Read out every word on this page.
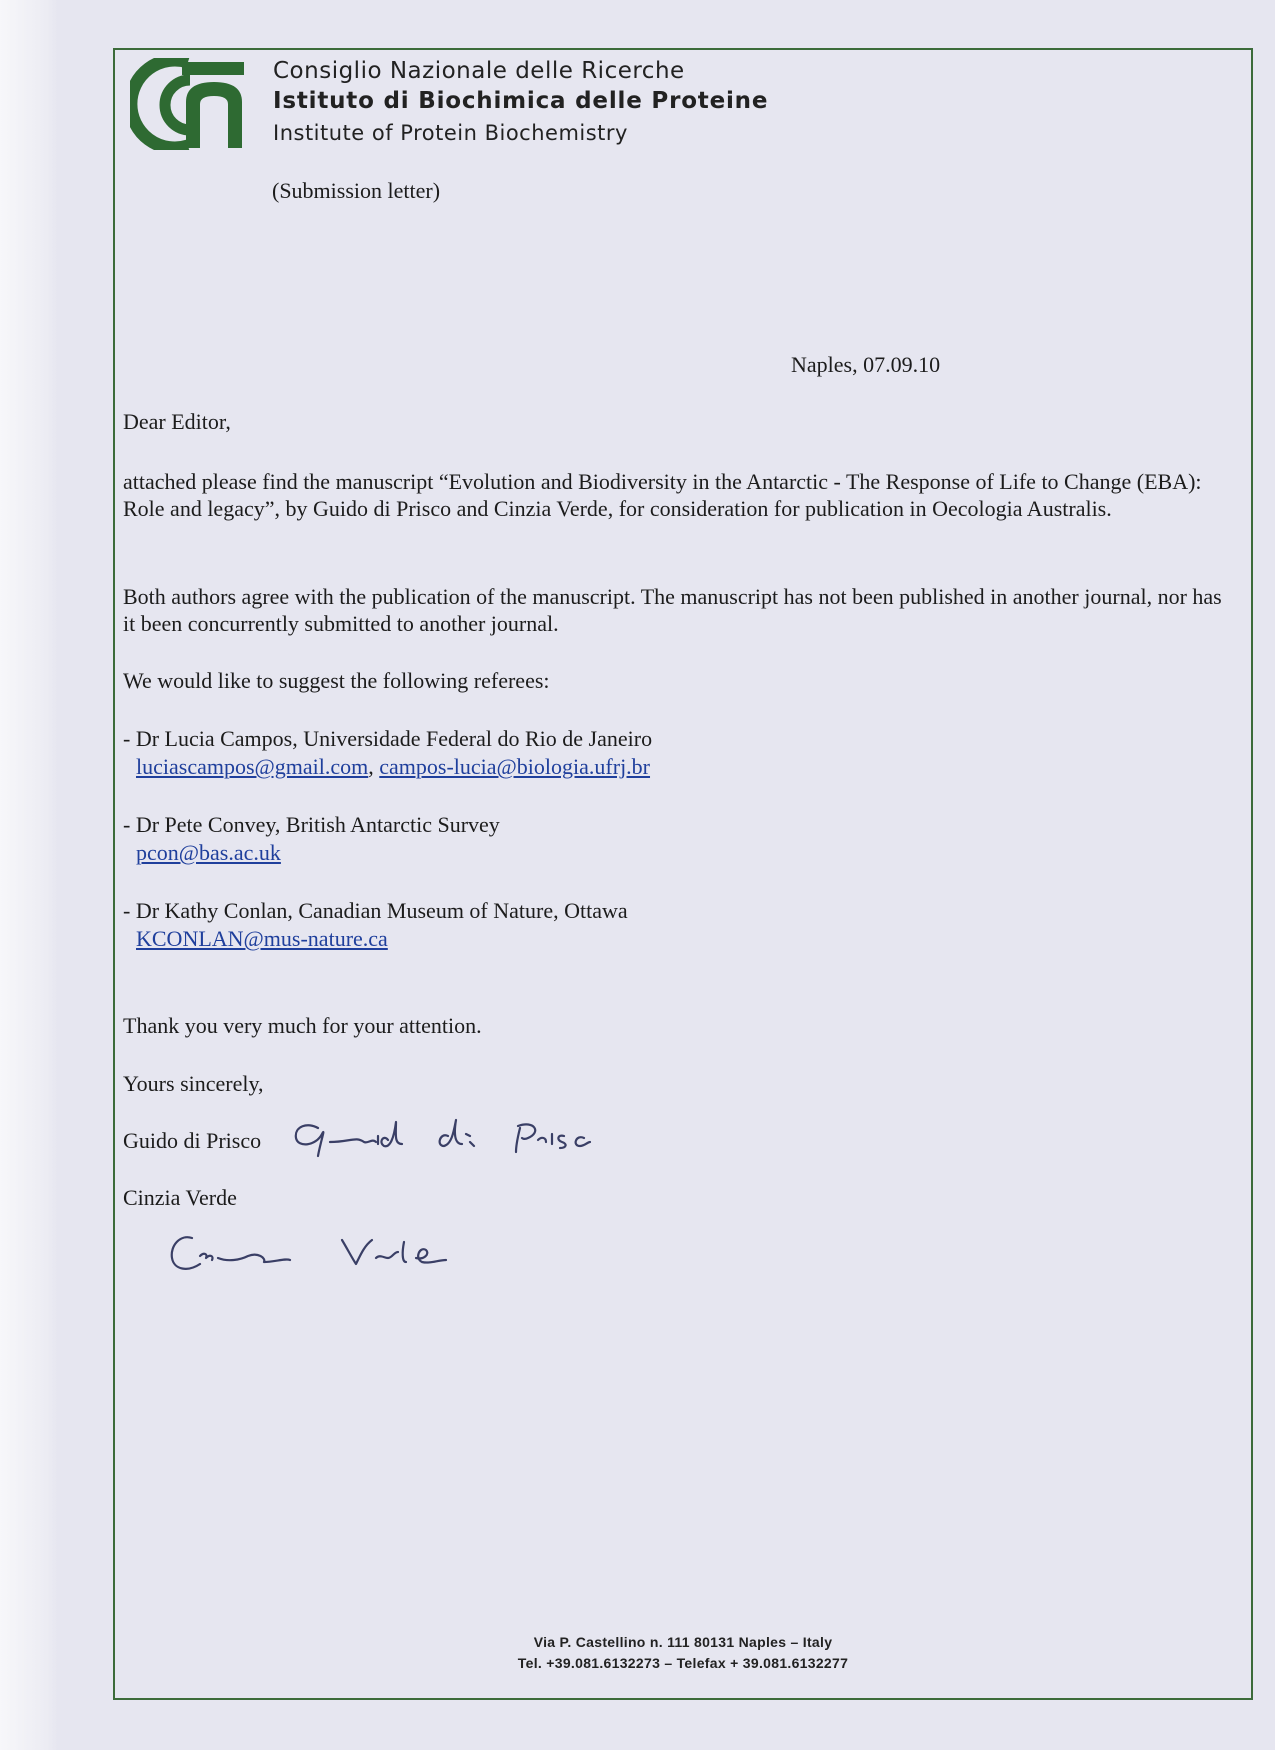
Consiglio Nazionale delle Ricerche
Istituto di Biochimica delle Proteine
Institute of Protein Biochemistry
(Submission letter)
Naples, 07.09.10
Dear Editor,
attached please find the manuscript “Evolution and Biodiversity in the Antarctic - The Response of Life to Change (EBA): Role and legacy”, by Guido di Prisco and Cinzia Verde, for consideration for publication in Oecologia Australis.
Both authors agree with the publication of the manuscript. The manuscript has not been published in another journal, nor has it been concurrently submitted to another journal.
We would like to suggest the following referees:
- Dr Lucia Campos, Universidade Federal do Rio de Janeiro
luciascampos@gmail.com, campos-lucia@biologia.ufrj.br
- Dr Pete Convey, British Antarctic Survey
pcon@bas.ac.uk
- Dr Kathy Conlan, Canadian Museum of Nature, Ottawa
KCONLAN@mus-nature.ca
Thank you very much for your attention.
Yours sincerely,
Guido di Prisco
Cinzia Verde
Via P. Castellino n. 111 80131 Naples – Italy
Tel. +39.081.6132273 – Telefax + 39.081.6132277
